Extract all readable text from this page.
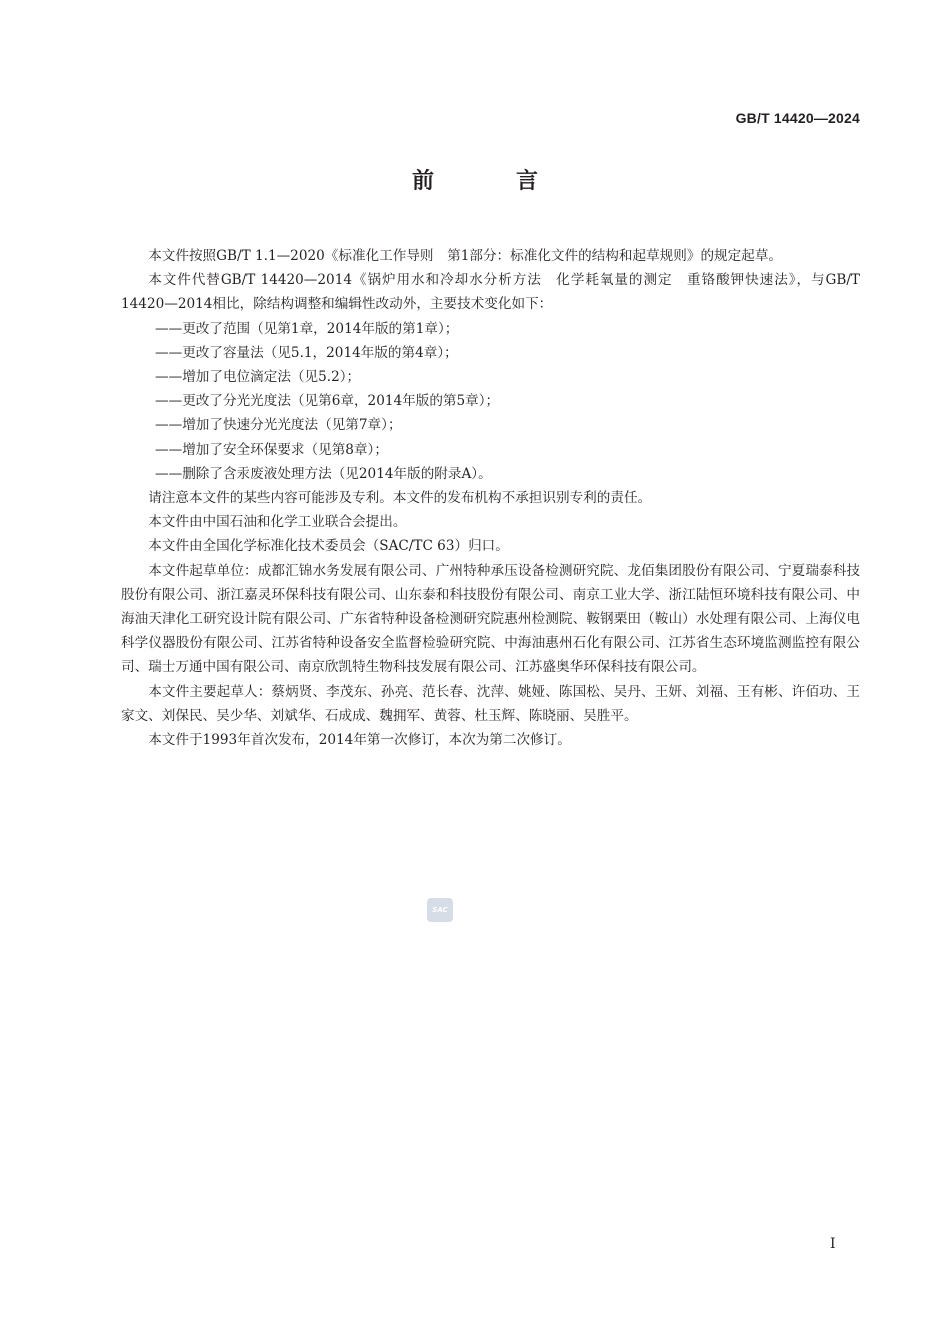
GB/T 14420—2024
前　言

本文件按照GB/T 1.1—2020《标准化工作导则　第1部分：标准化文件的结构和起草规则》的规定起草。

本文件代替GB/T 14420—2014《锅炉用水和冷却水分析方法　化学耗氧量的测定　重铬酸钾快速法》，与GB/T 14420—2014相比，除结构调整和编辑性改动外，主要技术变化如下：

——更改了范围（见第1章，2014年版的第1章）；
——更改了容量法（见5.1，2014年版的第4章）；
——增加了电位滴定法（见5.2）；
——更改了分光光度法（见第6章，2014年版的第5章）；
——增加了快速分光光度法（见第7章）；
——增加了安全环保要求（见第8章）；
——删除了含汞废液处理方法（见2014年版的附录A）。

请注意本文件的某些内容可能涉及专利。本文件的发布机构不承担识别专利的责任。

本文件由中国石油和化学工业联合会提出。

本文件由全国化学标准化技术委员会（SAC/TC 63）归口。

本文件起草单位：成都汇锦水务发展有限公司、广州特种承压设备检测研究院、龙佰集团股份有限公司、宁夏瑞泰科技股份有限公司、浙江嘉灵环保科技有限公司、山东泰和科技股份有限公司、南京工业大学、浙江陆恒环境科技有限公司、中海油天津化工研究设计院有限公司、广东省特种设备检测研究院惠州检测院、鞍钢栗田（鞍山）水处理有限公司、上海仪电科学仪器股份有限公司、江苏省特种设备安全监督检验研究院、中海油惠州石化有限公司、江苏省生态环境监测监控有限公司、瑞士万通中国有限公司、南京欣凯特生物科技发展有限公司、江苏盛奥华环保科技有限公司。

本文件主要起草人：蔡炳贤、李茂东、孙亮、范长春、沈萍、姚娅、陈国松、吴丹、王妍、刘福、王有彬、许佰功、王家文、刘保民、吴少华、刘斌华、石成成、魏拥军、黄蓉、杜玉辉、陈晓丽、吴胜平。

本文件于1993年首次发布，2014年第一次修订，本次为第二次修订。

SAC
Ⅰ
